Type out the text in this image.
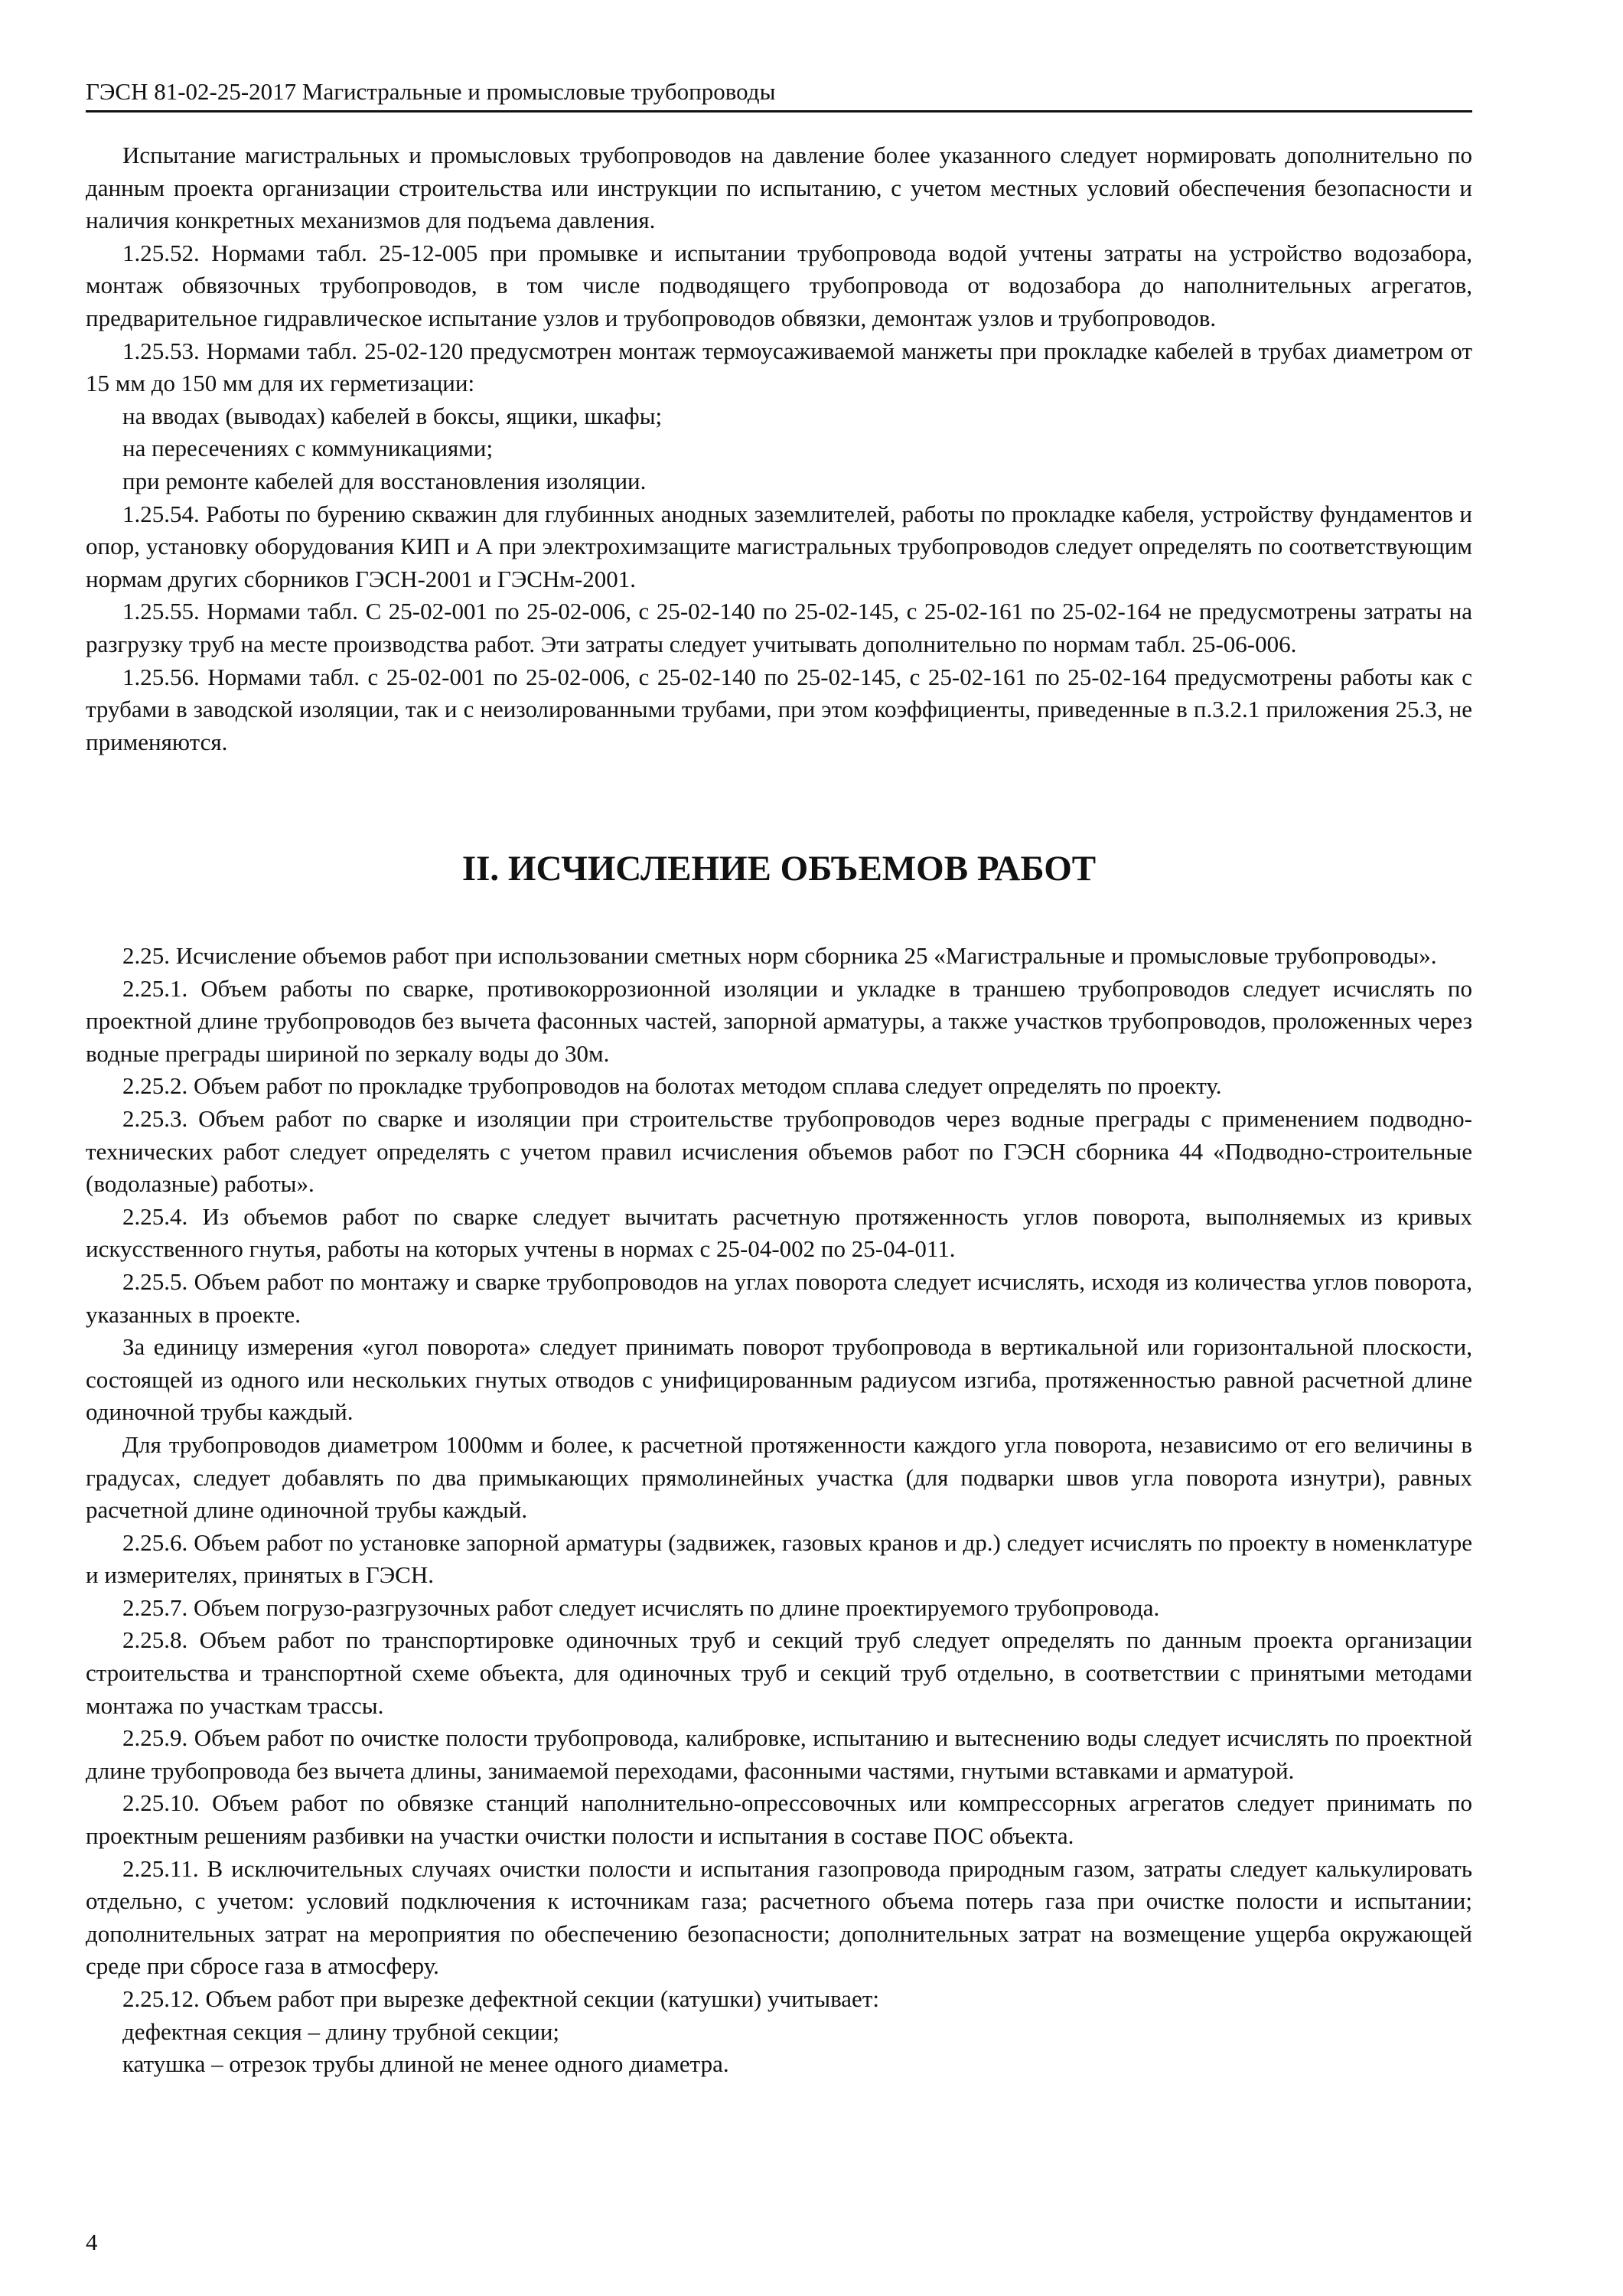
ГЭСН 81-02-25-2017 Магистральные и промысловые трубопроводы

Испытание магистральных и промысловых трубопроводов на давление более указанного следует нормировать дополнительно по данным проекта организации строительства или инструкции по испытанию, с учетом местных условий обеспечения безопасности и наличия конкретных механизмов для подъема давления.

1.25.52. Нормами табл. 25-12-005 при промывке и испытании трубопровода водой учтены затраты на устройство водозабора, монтаж обвязочных трубопроводов, в том числе подводящего трубопровода от водозабора до наполнительных агрегатов, предварительное гидравлическое испытание узлов и трубопроводов обвязки, демонтаж узлов и трубопроводов.

1.25.53. Нормами табл. 25-02-120 предусмотрен монтаж термоусаживаемой манжеты при прокладке кабелей в трубах диаметром от 15 мм до 150 мм для их герметизации:

на вводах (выводах) кабелей в боксы, ящики, шкафы;

на пересечениях с коммуникациями;

при ремонте кабелей для восстановления изоляции.

1.25.54. Работы по бурению скважин для глубинных анодных заземлителей, работы по прокладке кабеля, устройству фундаментов и опор, установку оборудования КИП и А при электрохимзащите магистральных трубопроводов следует определять по соответствующим нормам других сборников ГЭСН-2001 и ГЭСНм-2001.

1.25.55. Нормами табл. С 25-02-001 по 25-02-006, с 25-02-140 по 25-02-145, с 25-02-161 по 25-02-164 не предусмотрены затраты на разгрузку труб на месте производства работ. Эти затраты следует учитывать дополнительно по нормам табл. 25-06-006.

1.25.56. Нормами табл. с 25-02-001 по 25-02-006, с 25-02-140 по 25-02-145, с 25-02-161 по 25-02-164 предусмотрены работы как с трубами в заводской изоляции, так и с неизолированными трубами, при этом коэффициенты, приведенные в п.3.2.1 приложения 25.3, не применяются.

II. ИСЧИСЛЕНИЕ ОБЪЕМОВ РАБОТ

2.25. Исчисление объемов работ при использовании сметных норм сборника 25 «Магистральные и промысловые трубопроводы».

2.25.1. Объем работы по сварке, противокоррозионной изоляции и укладке в траншею трубопроводов следует исчислять по проектной длине трубопроводов без вычета фасонных частей, запорной арматуры, а также участков трубопроводов, проложенных через водные преграды шириной по зеркалу воды до 30м.

2.25.2. Объем работ по прокладке трубопроводов на болотах методом сплава следует определять по проекту.

2.25.3. Объем работ по сварке и изоляции при строительстве трубопроводов через водные преграды с применением подводно-технических работ следует определять с учетом правил исчисления объемов работ по ГЭСН сборника 44 «Подводно-строительные (водолазные) работы».

2.25.4. Из объемов работ по сварке следует вычитать расчетную протяженность углов поворота, выполняемых из кривых искусственного гнутья, работы на которых учтены в нормах с 25-04-002 по 25-04-011.

2.25.5. Объем работ по монтажу и сварке трубопроводов на углах поворота следует исчислять, исходя из количества углов поворота, указанных в проекте.

За единицу измерения «угол поворота» следует принимать поворот трубопровода в вертикальной или горизонтальной плоскости, состоящей из одного или нескольких гнутых отводов с унифицированным радиусом изгиба, протяженностью равной расчетной длине одиночной трубы каждый.

Для трубопроводов диаметром 1000мм и более, к расчетной протяженности каждого угла поворота, независимо от его величины в градусах, следует добавлять по два примыкающих прямолинейных участка (для подварки швов угла поворота изнутри), равных расчетной длине одиночной трубы каждый.

2.25.6. Объем работ по установке запорной арматуры (задвижек, газовых кранов и др.) следует исчислять по проекту в номенклатуре и измерителях, принятых в ГЭСН.

2.25.7. Объем погрузо-разгрузочных работ следует исчислять по длине проектируемого трубопровода.

2.25.8. Объем работ по транспортировке одиночных труб и секций труб следует определять по данным проекта организации строительства и транспортной схеме объекта, для одиночных труб и секций труб отдельно, в соответствии с принятыми методами монтажа по участкам трассы.

2.25.9. Объем работ по очистке полости трубопровода, калибровке, испытанию и вытеснению воды следует исчислять по проектной длине трубопровода без вычета длины, занимаемой переходами, фасонными частями, гнутыми вставками и арматурой.

2.25.10. Объем работ по обвязке станций наполнительно-опрессовочных или компрессорных агрегатов следует принимать по проектным решениям разбивки на участки очистки полости и испытания в составе ПОС объекта.

2.25.11. В исключительных случаях очистки полости и испытания газопровода природным газом, затраты следует калькулировать отдельно, с учетом: условий подключения к источникам газа; расчетного объема потерь газа при очистке полости и испытании; дополнительных затрат на мероприятия по обеспечению безопасности; дополнительных затрат на возмещение ущерба окружающей среде при сбросе газа в атмосферу.

2.25.12. Объем работ при вырезке дефектной секции (катушки) учитывает:

дефектная секция – длину трубной секции;

катушка – отрезок трубы длиной не менее одного диаметра.

4
